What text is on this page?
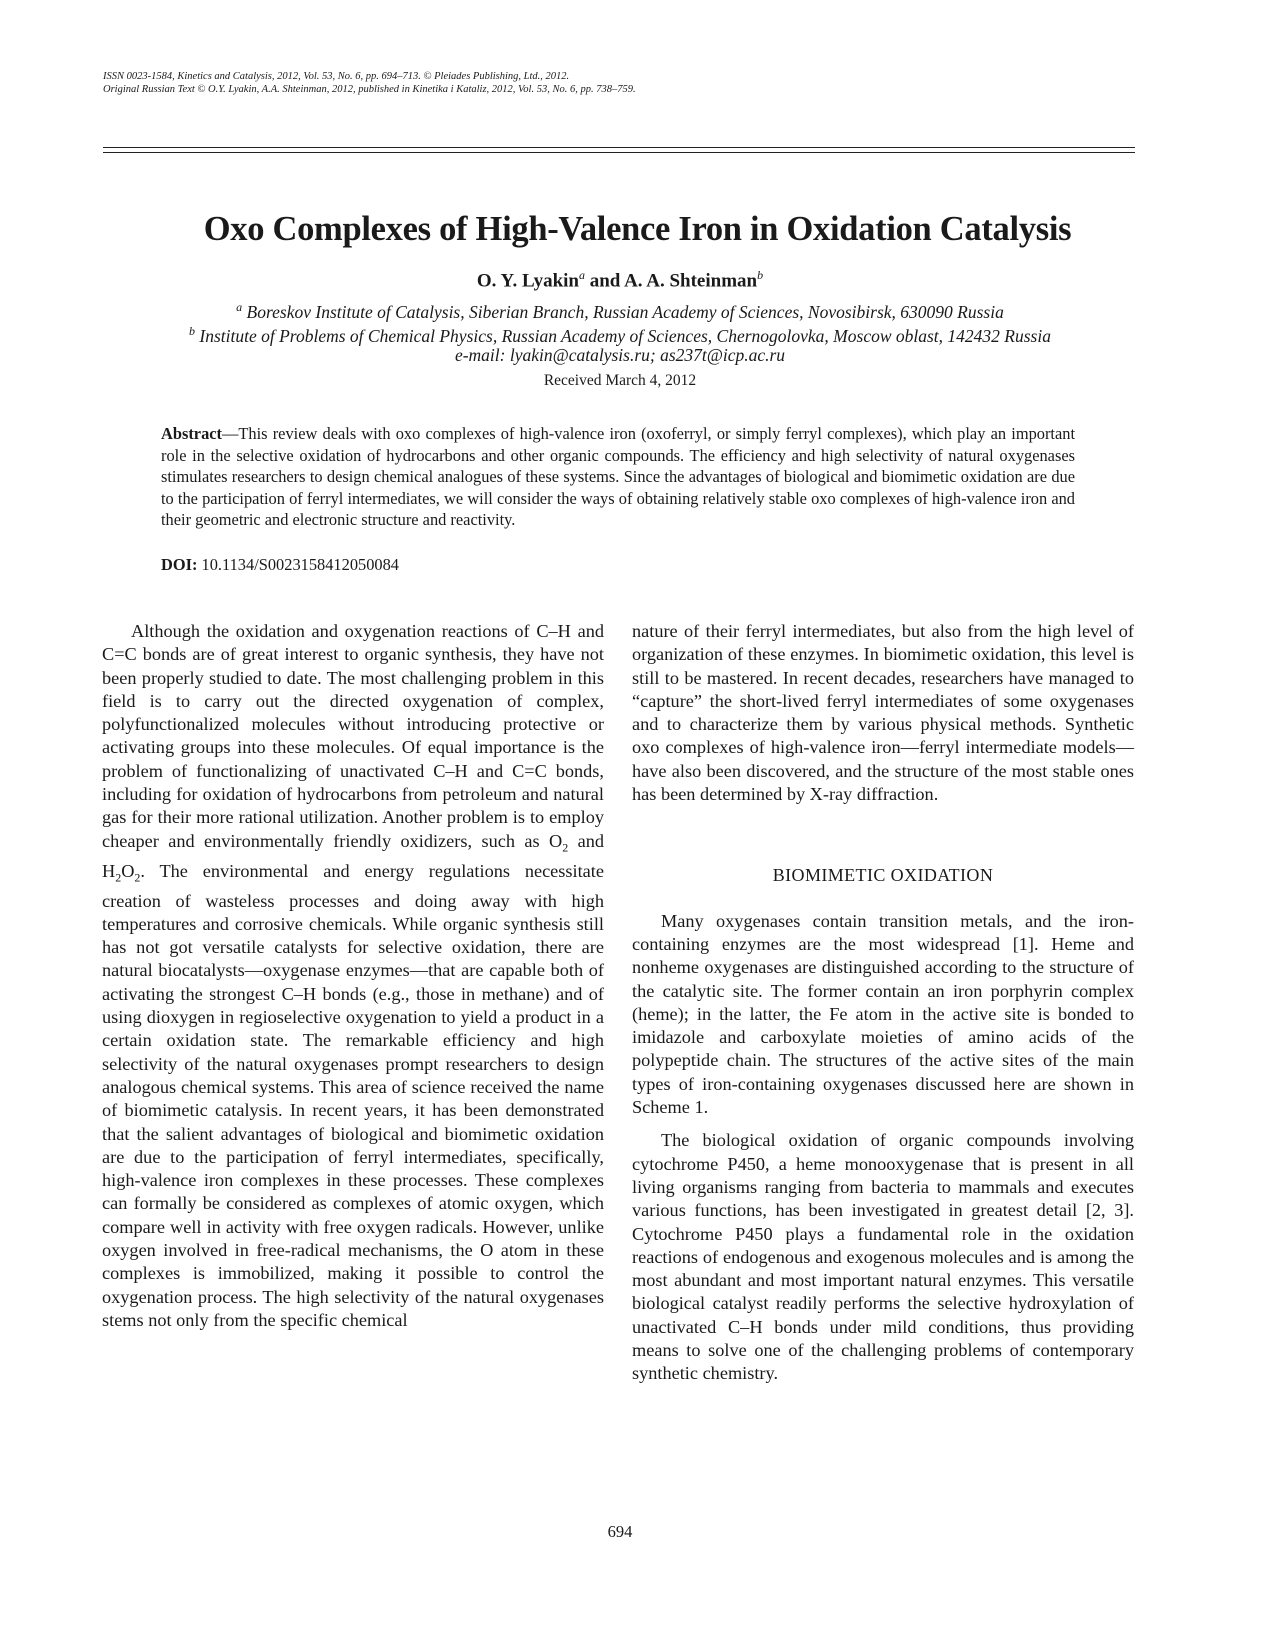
ISSN 0023-1584, Kinetics and Catalysis, 2012, Vol. 53, No. 6, pp. 694–713. © Pleiades Publishing, Ltd., 2012.
Original Russian Text © O.Y. Lyakin, A.A. Shteinman, 2012, published in Kinetika i Kataliz, 2012, Vol. 53, No. 6, pp. 738–759.
Oxo Complexes of High-Valence Iron in Oxidation Catalysis
O. Y. Lyakin$^a$ and A. A. Shteinman$^b$
$^a$ Boreskov Institute of Catalysis, Siberian Branch, Russian Academy of Sciences, Novosibirsk, 630090 Russia
$^b$ Institute of Problems of Chemical Physics, Russian Academy of Sciences, Chernogolovka, Moscow oblast, 142432 Russia
e-mail: lyakin@catalysis.ru; as237t@icp.ac.ru
Received March 4, 2012
Abstract—This review deals with oxo complexes of high-valence iron (oxoferryl, or simply ferryl complexes), which play an important role in the selective oxidation of hydrocarbons and other organic compounds. The efficiency and high selectivity of natural oxygenases stimulates researchers to design chemical analogues of these systems. Since the advantages of biological and biomimetic oxidation are due to the participation of ferryl intermediates, we will consider the ways of obtaining relatively stable oxo complexes of high-valence iron and their geometric and electronic structure and reactivity.
DOI: 10.1134/S0023158412050084

Although the oxidation and oxygenation reactions of C–H and C=C bonds are of great interest to organic synthesis, they have not been properly studied to date. The most challenging problem in this field is to carry out the directed oxygenation of complex, polyfunctionalized molecules without introducing protective or activating groups into these molecules. Of equal importance is the problem of functionalizing of unactivated C–H and C=C bonds, including for oxidation of hydrocarbons from petroleum and natural gas for their more rational utilization. Another problem is to employ cheaper and environmentally friendly oxidizers, such as $O_2$ and $H_2O_2$. The environmental and energy regulations necessitate creation of wasteless processes and doing away with high temperatures and corrosive chemicals. While organic synthesis still has not got versatile catalysts for selective oxidation, there are natural biocatalysts—oxygenase enzymes—that are capable both of activating the strongest C–H bonds (e.g., those in methane) and of using dioxygen in regioselective oxygenation to yield a product in a certain oxidation state. The remarkable efficiency and high selectivity of the natural oxygenases prompt researchers to design analogous chemical systems. This area of science received the name of biomimetic catalysis. In recent years, it has been demonstrated that the salient advantages of biological and biomimetic oxidation are due to the participation of ferryl intermediates, specifically, high-valence iron complexes in these processes. These complexes can formally be considered as complexes of atomic oxygen, which compare well in activity with free oxygen radicals. However, unlike oxygen involved in free-radical mechanisms, the O atom in these complexes is immobilized, making it possible to control the oxygenation process. The high selectivity of the natural oxygenases stems not only from the specific chemical

nature of their ferryl intermediates, but also from the high level of organization of these enzymes. In biomimetic oxidation, this level is still to be mastered. In recent decades, researchers have managed to “capture” the short-lived ferryl intermediates of some oxygenases and to characterize them by various physical methods. Synthetic oxo complexes of high-valence iron—ferryl intermediate models—have also been discovered, and the structure of the most stable ones has been determined by X-ray diffraction.

BIOMIMETIC OXIDATION

Many oxygenases contain transition metals, and the iron-containing enzymes are the most widespread [1]. Heme and nonheme oxygenases are distinguished according to the structure of the catalytic site. The former contain an iron porphyrin complex (heme); in the latter, the Fe atom in the active site is bonded to imidazole and carboxylate moieties of amino acids of the polypeptide chain. The structures of the active sites of the main types of iron-containing oxygenases discussed here are shown in Scheme 1.

The biological oxidation of organic compounds involving cytochrome P450, a heme monooxygenase that is present in all living organisms ranging from bacteria to mammals and executes various functions, has been investigated in greatest detail [2, 3]. Cytochrome P450 plays a fundamental role in the oxidation reactions of endogenous and exogenous molecules and is among the most abundant and most important natural enzymes. This versatile biological catalyst readily performs the selective hydroxylation of unactivated C–H bonds under mild conditions, thus providing means to solve one of the challenging problems of contemporary synthetic chemistry.

694
